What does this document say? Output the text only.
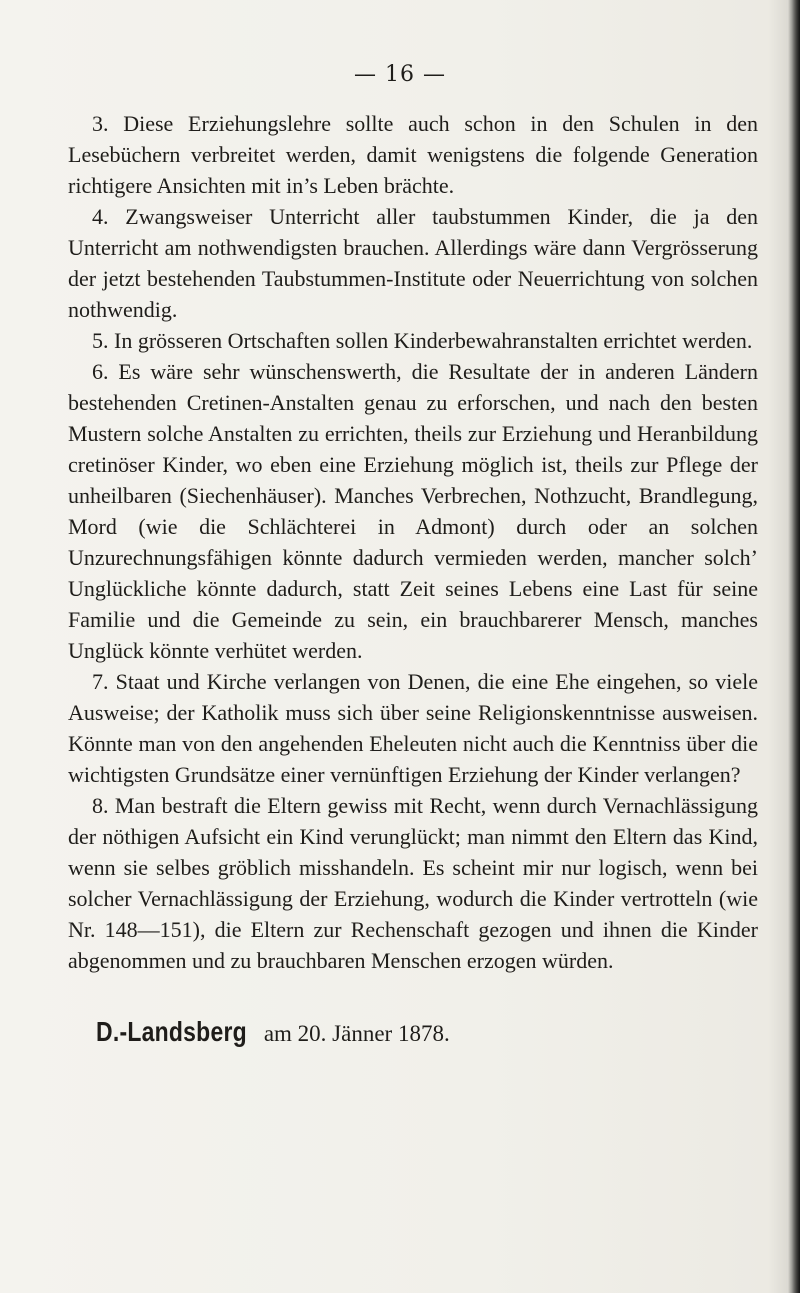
— 16 —

3. Diese Erziehungslehre sollte auch schon in den Schulen in den Lesebüchern verbreitet werden, damit wenigstens die folgende Generation richtigere Ansichten mit in’s Leben brächte.

4. Zwangsweiser Unterricht aller taubstummen Kinder, die ja den Unterricht am nothwendigsten brauchen. Allerdings wäre dann Vergrösserung der jetzt bestehenden Taubstummen-Institute oder Neuerrichtung von solchen nothwendig.

5. In grösseren Ortschaften sollen Kinderbewahranstalten errichtet werden.

6. Es wäre sehr wünschenswerth, die Resultate der in anderen Ländern bestehenden Cretinen-Anstalten genau zu erforschen, und nach den besten Mustern solche Anstalten zu errichten, theils zur Erziehung und Heranbildung cretinöser Kinder, wo eben eine Erziehung möglich ist, theils zur Pflege der unheilbaren (Siechenhäuser). Manches Verbrechen, Nothzucht, Brandlegung, Mord (wie die Schlächterei in Admont) durch oder an solchen Unzurechnungsfähigen könnte dadurch vermieden werden, mancher solch’ Unglückliche könnte dadurch, statt Zeit seines Lebens eine Last für seine Familie und die Gemeinde zu sein, ein brauchbarerer Mensch, manches Unglück könnte verhütet werden.

7. Staat und Kirche verlangen von Denen, die eine Ehe eingehen, so viele Ausweise; der Katholik muss sich über seine Religionskenntnisse ausweisen. Könnte man von den angehenden Eheleuten nicht auch die Kenntniss über die wichtigsten Grundsätze einer vernünftigen Erziehung der Kinder verlangen?

8. Man bestraft die Eltern gewiss mit Recht, wenn durch Vernachlässigung der nöthigen Aufsicht ein Kind verunglückt; man nimmt den Eltern das Kind, wenn sie selbes gröblich misshandeln. Es scheint mir nur logisch, wenn bei solcher Vernachlässigung der Erziehung, wodurch die Kinder vertrotteln (wie Nr. 148—151), die Eltern zur Rechenschaft gezogen und ihnen die Kinder abgenommen und zu brauchbaren Menschen erzogen würden.

D.-Landsberg am 20. Jänner 1878.
